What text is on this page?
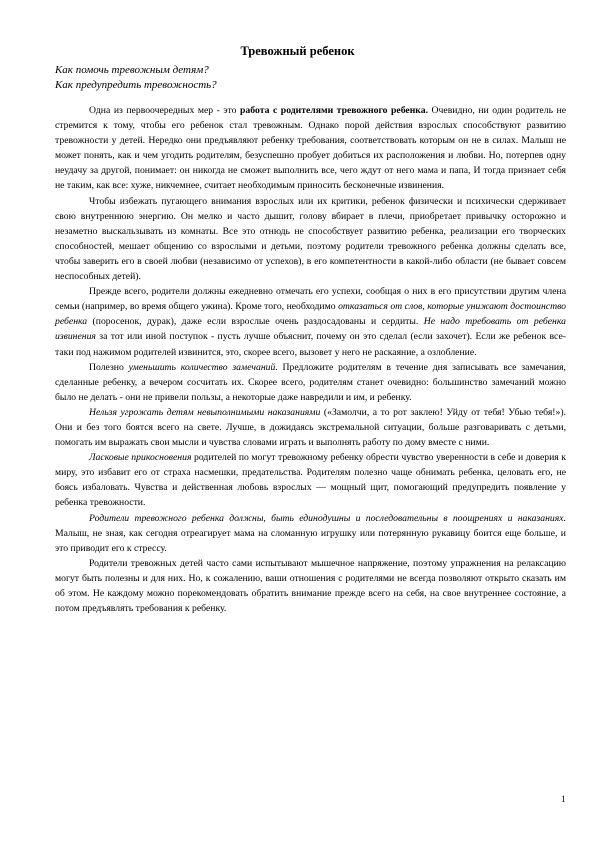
Тревожный ребенок
Как помочь тревожным детям?
Как предупредить тревожность?

Одна из первоочередных мер - это работа с родителями тревожного ребенка. Очевидно, ни один родитель не стремится к тому, чтобы его ребенок стал тревожным. Однако порой действия взрослых способствуют развитию тревожности у детей. Нередко они предъявляют ребенку требования, соответствовать которым он не в силах. Малыш не может понять, как и чем угодить родителям, безуспешно пробует добиться их расположения и любви. Но, потерпев одну неудачу за другой, понимает: он никогда не сможет выполнить все, чего ждут от него мама и папа, И тогда признает себя не таким, как все: хуже, никчемнее, считает необходимым приносить бесконечные извинения.

Чтобы избежать пугающего внимания взрослых или их критики, ребенок физически и психически сдерживает свою внутреннюю энергию. Он мелко и часто дышит, голову вбирает в плечи, приобретает привычку осторожно и незаметно выскальзывать из комнаты. Все это отнюдь не способствует развитию ребенка, реализации его творческих способностей, мешает общению со взрослыми и детьми, поэтому родители тревожного ребенка должны сделать все, чтобы заверить его в своей любви (независимо от успехов), в его компетентности в какой-либо области (не бывает совсем неспособных детей).

Прежде всего, родители должны ежедневно отмечать его успехи, сообщая о них в его присутствии другим члена семьи (например, во время общего ужина). Кроме того, необходимо отказаться от слов, которые унижают достоинство ребенка (поросенок, дурак), даже если взрослые очень раздосадованы и сердиты. Не надо требовать от ребенка извинения за тот или иной поступок - пусть лучше объяснит, почему он это сделал (если захочет). Если же ребенок все-таки под нажимом родителей извинится, это, скорее всего, вызовет у него не раскаяние, а озлобление.

Полезно уменьшить количество замечаний. Предложите родителям в течение дня записывать все замечания, сделанные ребенку, а вечером сосчитать их. Скорее всего, родителям станет очевидно: большинство замечаний можно было не делать - они не привели пользы, а некоторые даже навредили и им, и ребенку.

Нельзя угрожать детям невыполнимыми наказаниями («Замолчи, а то рот заклею! Уйду от тебя! Убью тебя!»). Они и без того боятся всего на свете. Лучше, в дожидаясь экстремальной ситуации, больше разговаривать с детьми, помогать им выражать свои мысли и чувства словами играть и выполнять работу по дому вместе с ними.

Ласковые прикосновения родителей по могут тревожному ребенку обрести чувство уверенности в себе и доверия к миру, это избавит его от страха насмешки, предательства. Родителям полезно чаще обнимать ребенка, целовать его, не боясь избаловать. Чувства и действенная любовь взрослых — мощный щит, помогающий предупредить появление у ребенка тревожности.

Родители тревожного ребенка должны, быть единодушны и последовательны в поощрениях и наказаниях. Малыш, не зная, как сегодня отреагирует мама на сломанную игрушку или потерянную рукавицу боится еще больше, и это приводит его к стрессу.

Родители тревожных детей часто сами испытывают мышечное напряжение, поэтому упражнения на релаксацию могут быть полезны и для них. Но, к сожалению, ваши отношения с родителями не всегда позволяют открыто сказать им об этом. Не каждому можно порекомендовать обратить внимание прежде всего на себя, на свое внутреннее состояние, а потом предъявлять требования к ребенку.

1
